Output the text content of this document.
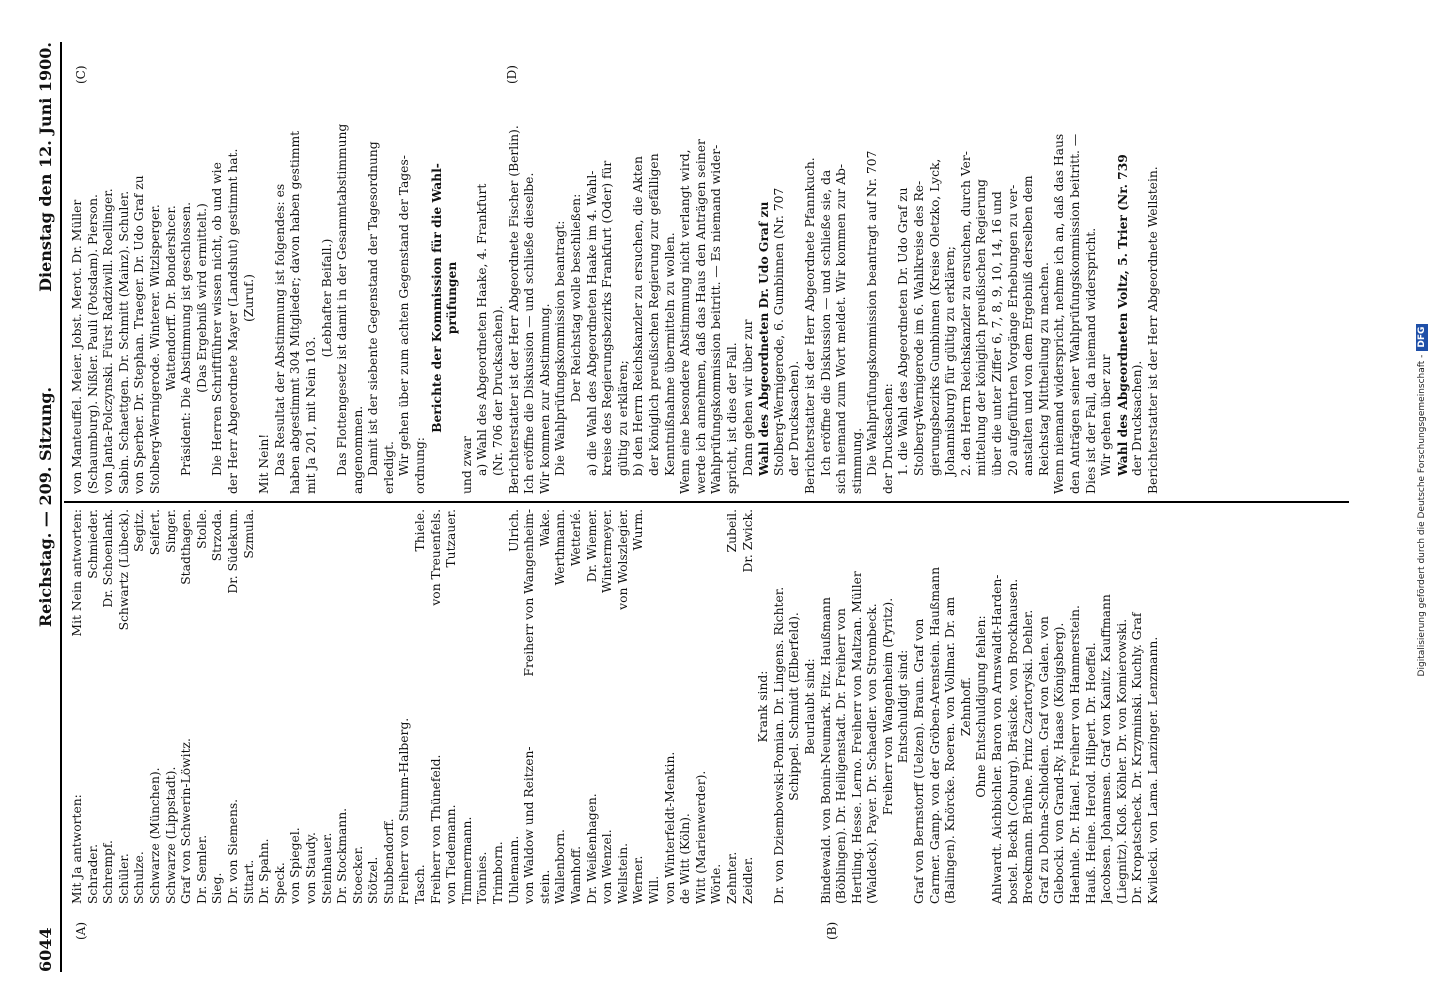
6044
Reichstag. — 209. Sitzung.
Dienstag den 12. Juni 1900.
(A)	(B)
(C)	(D)
Mit Ja antworten:
Mit Nein antworten:
Schrader.
Schmieder.
Schrempf.
Dr. Schoenlank.
Schüler.
Schwartz (Lübeck).
Schulze.
Segitz.
Schwarze (München).
Seifert.
Schwarze (Lippstadt).
Singer.
Graf von Schwerin-Löwitz.
Stadthagen.
Dr. Semler.
Stolle.
Sieg.
Strzoda.
Dr. von Siemens.
Dr. Südekum.
Sittart.
Szmula.
Dr. Spahn. Speck. von Spiegel. von Staudy. Steinhauer. Dr. Stockmann. Stoecker. Stötzel. Stubbendorff. Freiherr von Stumm-Halberg. Tasch.
Thiele.
Freiherr von Thünefeld.
von Treuenfels.
von Tiedemann.
Tutzauer.
Timmermann. Tönnies. Trimborn. Uhlemann.
Ulrich.
von Waldow und Reitzen-
Freiherr von Wangenheim-
stein.
Wake.
Wallenborn.
Werthmann.
Wamhoff.
Wetterlé.
Dr. Weißenhagen.
Dr. Wiemer.
von Wenzel.
Wintermeyer.
Wellstein.
von Wolszlegier.
Werner.
Wurm.
Will. von Winterfeldt-Menkin. de Witt (Köln). Witt (Marienwerder). Wörle. Zehnter.
Zubeil.
Zeidler.
Dr. Zwick.
Krank sind: Dr. von Dziembowski-Pomian. Dr. Lingens. Richter. Schippel. Schmidt (Elberfeld). Beurlaubt sind: Bindewald. von Bonin-Neumark. Fitz. Haußmann (Böblingen). Dr. Heiligenstadt. Dr. Freiherr von Hertling. Hesse. Lerno. Freiherr von Maltzan. Müller (Waldeck). Payer. Dr. Schaedler. von Strombeck. Freiherr von Wangenheim (Pyritz). Entschuldigt sind: Graf von Bernstorff (Uelzen). Braun. Graf von Carmer. Gamp. von der Gröben-Arenstein. Haußmann (Balingen). Knörcke. Roeren. von Vollmar. Dr. am Zehnhoff. Ohne Entschuldigung fehlen: Ahlwardt. Aichbichler. Baron von Arnswaldt-Harden- bostel. Beckh (Coburg). Bräsicke. von Brockhausen. Broekmann. Brühne. Prinz Czartoryski. Dehler. Graf zu Dohna-Schlodien. Graf von Galen. von Glebocki. von Grand-Ry. Haase (Königsberg). Haehnle. Dr. Hänel. Freiherr von Hammerstein. Hauß. Heine. Herold. Hilpert. Dr. Hoeffel. Jacobsen. Johannsen. Graf von Kanitz. Kauffmann (Liegnitz). Kloß. Köhler. Dr. von Komierowski. Dr. Kropatscheck. Dr. Krzyminski. Kuchly. Graf Kwilecki. von Lama. Lanzinger. Lenzmann.
von Manteuffel. Meier. Jobst. Merot. Dr. Müller (Schaumburg). Nißler. Pauli (Potsdam). Pierson. von Janta-Polczynski. Fürst Radziwill. Roellinger. Sabin. Schaettgen. Dr. Schmitt (Mainz). Schuler. von Sperber. Dr. Stephan. Traeger. Dr. Udo Graf zu Stolberg-Wernigerode. Winterer. Witzlsperger. Wattendorff. Dr. Bondershcer. Präsident: Die Abstimmung ist geschlossen. (Das Ergebniß wird ermittelt.) Die Herren Schriftführer wissen nicht, ob und wie der Herr Abgeordnete Mayer (Landshut) gestimmt hat. (Zuruf.)
Mit Nein! Das Resultat der Abstimmung ist folgendes: es haben abgestimmt 304 Mitglieder; davon haben gestimmt mit Ja 201, mit Nein 103.
(Lebhafter Beifall.) Das Flottengesetz ist damit in der Gesammtabstimmung angenommen. Damit ist der siebente Gegenstand der Tagesordnung erledigt. Wir gehen über zum achten Gegenstand der Tages- ordnung:
Berichte der Kommission für die Wahl- prüfungen
und zwar a) Wahl des Abgeordneten Haake, 4. Frankfurt (Nr. 706 der Drucksachen). Berichterstatter ist der Herr Abgeordnete Fischer (Berlin). Ich eröffne die Diskussion — und schließe dieselbe. Wir kommen zur Abstimmung. Die Wahlprüfungskommission beantragt: Der Reichstag wolle beschließen: a) die Wahl des Abgeordneten Haake im 4. Wahl- kreise des Regierungsbezirks Frankfurt (Oder) für gültig zu erklären; b) den Herrn Reichskanzler zu ersuchen, die Akten der königlich preußischen Regierung zur gefälligen Kenntnißnahme übermitteln zu wollen. Wenn eine besondere Abstimmung nicht verlangt wird, werde ich annehmen, daß das Haus den Anträgen seiner Wahlprüfungskommission beitritt. — Es niemand wider- spricht, ist dies der Fall. Dann gehen wir über zur Wahl des Abgeordneten Dr. Udo Graf zu Stolberg-Wernigerode, 6. Gumbinnen (Nr. 707 der Drucksachen). Berichterstatter ist der Herr Abgeordnete Pfannkuch. Ich eröffne die Diskussion — und schließe sie, da sich niemand zum Wort meldet. Wir kommen zur Ab- stimmung. Die Wahlprüfungskommission beantragt auf Nr. 707 der Drucksachen: 1. die Wahl des Abgeordneten Dr. Udo Graf zu Stolberg-Wernigerode im 6. Wahlkreise des Re- gierungsbezirks Gumbinnen (Kreise Oletzko, Lyck, Johannisburg) für gültig zu erklären; 2. den Herrn Reichskanzler zu ersuchen, durch Ver- mittelung der königlich preußischen Regierung über die unter Ziffer 6, 7, 8, 9, 10, 14, 16 und 20 aufgeführten Vorgänge Erhebungen zu ver- anstalten und von dem Ergebniß derselben dem Reichstag Mittheilung zu machen. Wenn niemand widerspricht, nehme ich an, daß das Haus den Anträgen seiner Wahlprüfungskommission beitritt. — Dies ist der Fall, da niemand widerspricht. Wir gehen über zur Wahl des Abgeordneten Voltz, 5. Trier (Nr. 739 der Drucksachen). Berichterstatter ist der Herr Abgeordnete Wellstein.
Digitalisierung gefördert durch die Deutsche Forschungsgemeinschaft -DFG
